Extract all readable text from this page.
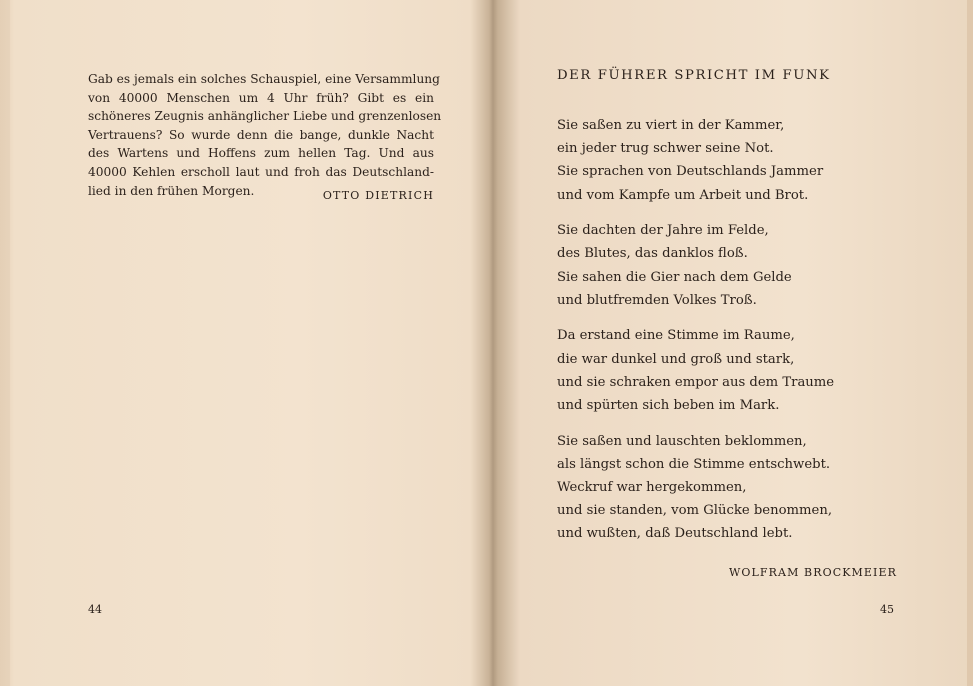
Gab es jemals ein solches Schauspiel, eine Versammlung
von 40000 Menschen um 4 Uhr früh? Gibt es ein
schöneres Zeugnis anhänglicher Liebe und grenzenlosen
Vertrauens? So wurde denn die bange, dunkle Nacht
des Wartens und Hoffens zum hellen Tag. Und aus
40000 Kehlen erscholl laut und froh das Deutschland-
lied in den frühen Morgen.	OTTO DIETRICH
44
DER FÜHRER SPRICHT IM FUNK
Sie saßen zu viert in der Kammer,
ein jeder trug schwer seine Not.
Sie sprachen von Deutschlands Jammer
und vom Kampfe um Arbeit und Brot.
Sie dachten der Jahre im Felde,
des Blutes, das danklos floß.
Sie sahen die Gier nach dem Gelde
und blutfremden Volkes Troß.
Da erstand eine Stimme im Raume,
die war dunkel und groß und stark,
und sie schraken empor aus dem Traume
und spürten sich beben im Mark.
Sie saßen und lauschten beklommen,
als längst schon die Stimme entschwebt.
Weckruf war hergekommen,
und sie standen, vom Glücke benommen,
und wußten, daß Deutschland lebt.
WOLFRAM BROCKMEIER
45
